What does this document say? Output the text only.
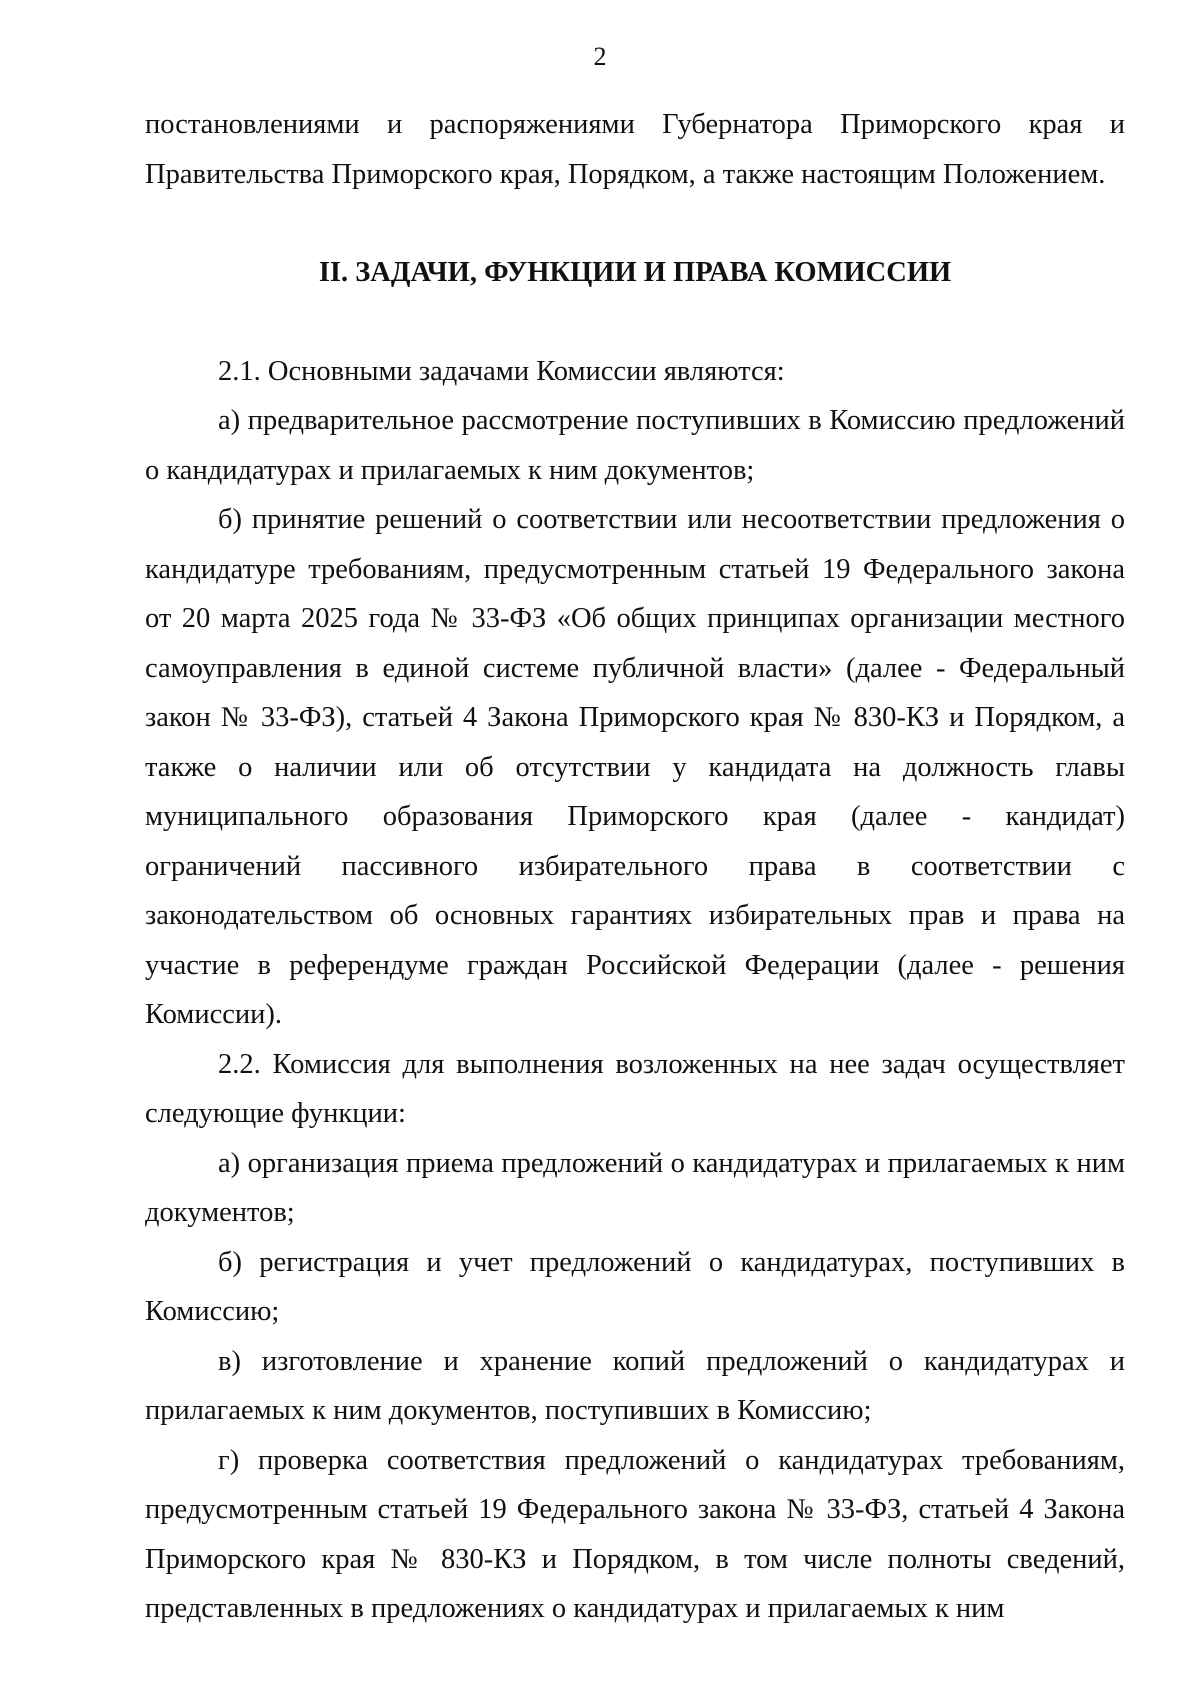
2

постановлениями и распоряжениями Губернатора Приморского края и Правительства Приморского края, Порядком, а также настоящим Положением.

II. ЗАДАЧИ, ФУНКЦИИ И ПРАВА КОМИССИИ

2.1. Основными задачами Комиссии являются:

а) предварительное рассмотрение поступивших в Комиссию предложений о кандидатурах и прилагаемых к ним документов;

б) принятие решений о соответствии или несоответствии предложения о кандидатуре требованиям, предусмотренным статьей 19 Федерального закона от 20 марта 2025 года № 33-ФЗ «Об общих принципах организации местного самоуправления в единой системе публичной власти» (далее - Федеральный закон № 33-ФЗ), статьей 4 Закона Приморского края № 830-КЗ и Порядком, а также о наличии или об отсутствии у кандидата на должность главы муниципального образования Приморского края (далее - кандидат) ограничений пассивного избирательного права в соответствии с законодательством об основных гарантиях избирательных прав и права на участие в референдуме граждан Российской Федерации (далее - решения Комиссии).

2.2. Комиссия для выполнения возложенных на нее задач осуществляет следующие функции:

а) организация приема предложений о кандидатурах и прилагаемых к ним документов;

б) регистрация и учет предложений о кандидатурах, поступивших в Комиссию;

в) изготовление и хранение копий предложений о кандидатурах и прилагаемых к ним документов, поступивших в Комиссию;

г) проверка соответствия предложений о кандидатурах требованиям, предусмотренным статьей 19 Федерального закона № 33-ФЗ, статьей 4 Закона Приморского края № 830-КЗ и Порядком, в том числе полноты сведений, представленных в предложениях о кандидатурах и прилагаемых к ним
